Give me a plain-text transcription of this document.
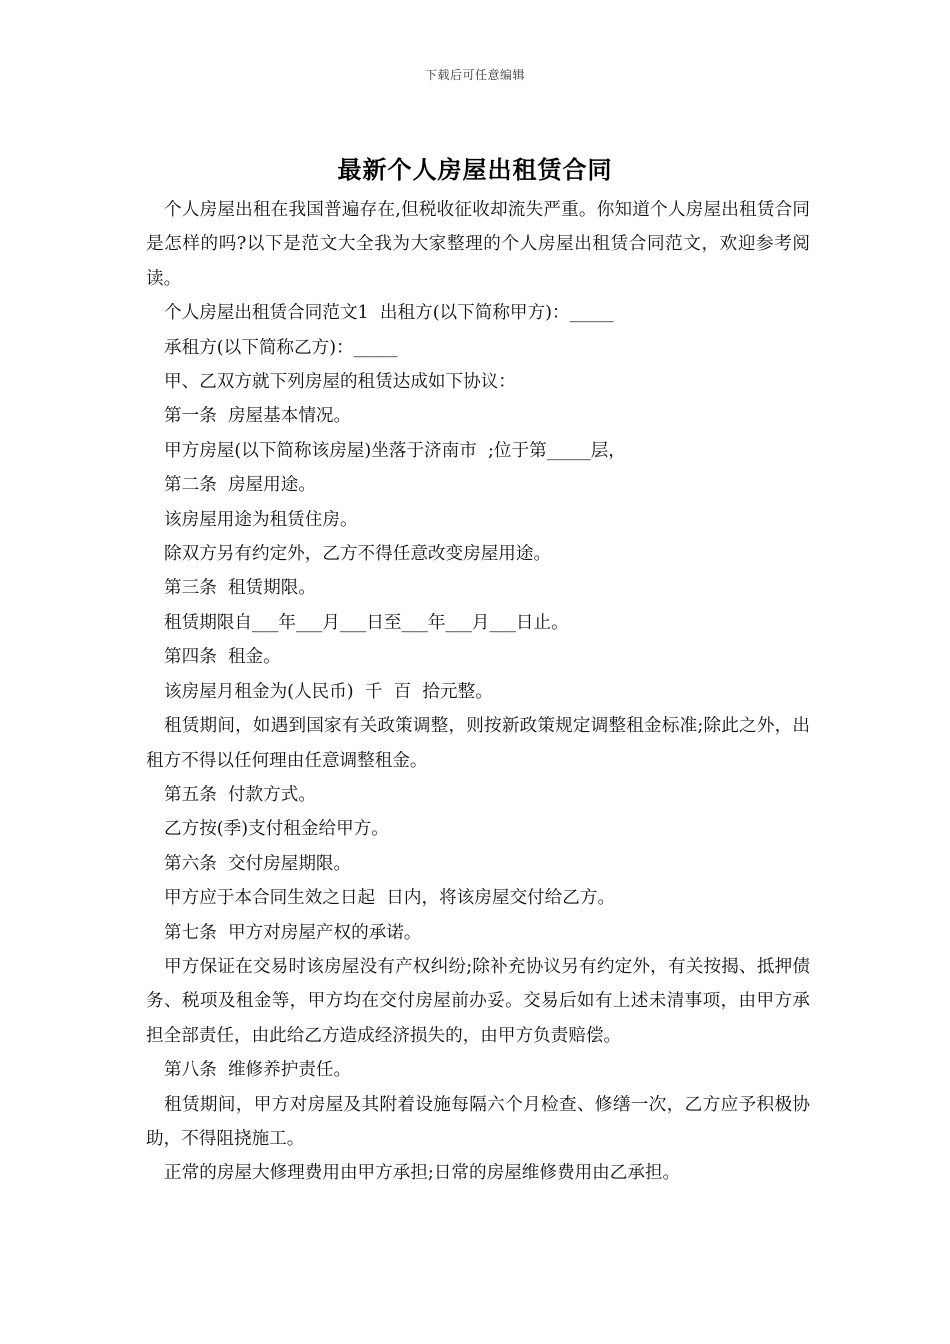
下载后可任意编辑
最新个人房屋出租赁合同

个人房屋出租在我国普遍存在,但税收征收却流失严重。你知道个人房屋出租赁合同是怎样的吗?以下是范文大全我为大家整理的个人房屋出租赁合同范文，欢迎参考阅读。

个人房屋出租赁合同范文1  出租方(以下简称甲方)：_____

承租方(以下简称乙方)：_____

甲、乙双方就下列房屋的租赁达成如下协议：

第一条  房屋基本情况。

甲方房屋(以下简称该房屋)坐落于济南市  ;位于第_____层，

第二条  房屋用途。

该房屋用途为租赁住房。

除双方另有约定外，乙方不得任意改变房屋用途。

第三条  租赁期限。

租赁期限自___年___月___日至___年___月___日止。

第四条  租金。

该房屋月租金为(人民币)  千  百  拾元整。

租赁期间，如遇到国家有关政策调整，则按新政策规定调整租金标准;除此之外，出租方不得以任何理由任意调整租金。

第五条  付款方式。

乙方按(季)支付租金给甲方。

第六条  交付房屋期限。

甲方应于本合同生效之日起  日内，将该房屋交付给乙方。

第七条  甲方对房屋产权的承诺。

甲方保证在交易时该房屋没有产权纠纷;除补充协议另有约定外，有关按揭、抵押债务、税项及租金等，甲方均在交付房屋前办妥。交易后如有上述未清事项，由甲方承担全部责任，由此给乙方造成经济损失的，由甲方负责赔偿。

第八条  维修养护责任。

租赁期间，甲方对房屋及其附着设施每隔六个月检查、修缮一次，乙方应予积极协助，不得阻挠施工。

正常的房屋大修理费用由甲方承担;日常的房屋维修费用由乙承担。
